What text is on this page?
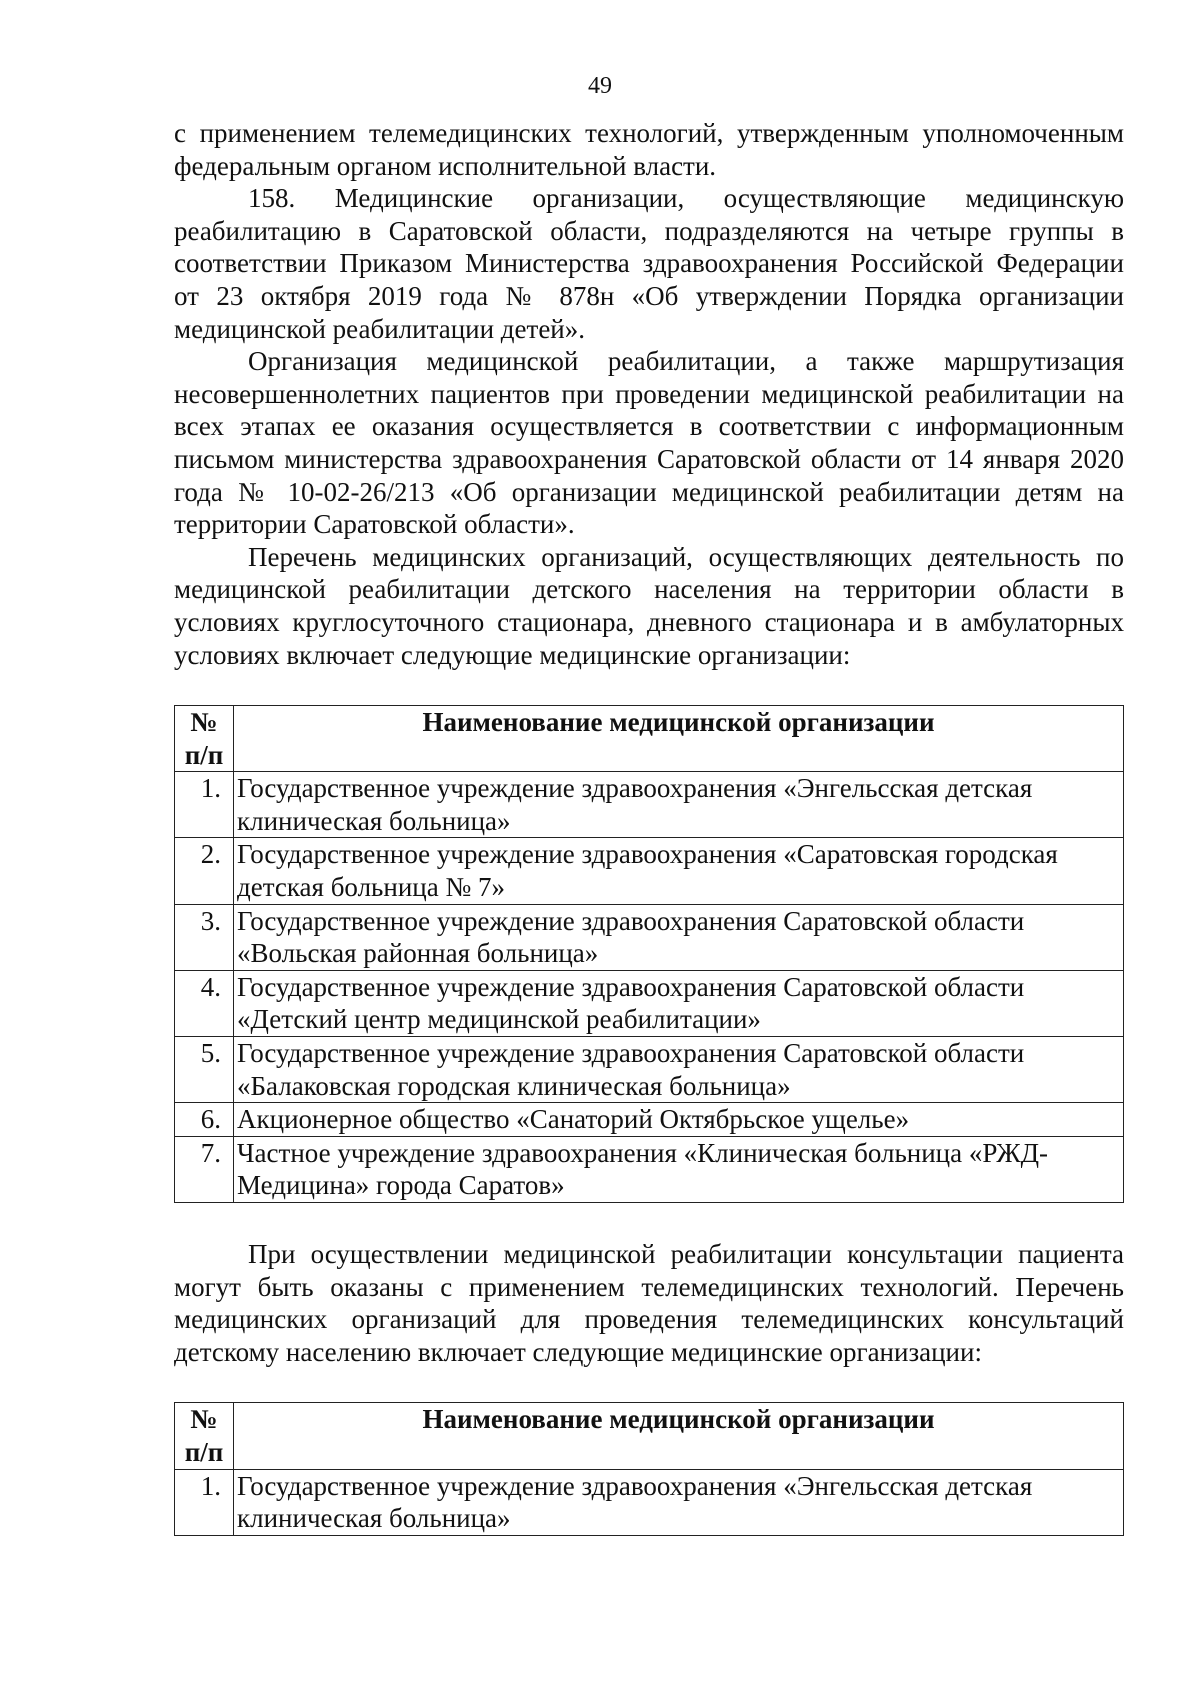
49

с применением телемедицинских технологий, утвержденным уполномоченным федеральным органом исполнительной власти.

158. Медицинские организации, осуществляющие медицинскую реабилитацию в Саратовской области, подразделяются на четыре группы в соответствии Приказом Министерства здравоохранения Российской Федерации от 23 октября 2019 года № 878н «Об утверждении Порядка организации медицинской реабилитации детей».

Организация медицинской реабилитации, а также маршрутизация несовершеннолетних пациентов при проведении медицинской реабилитации на всех этапах ее оказания осуществляется в соответствии с информационным письмом министерства здравоохранения Саратовской области от 14 января 2020 года № 10-02-26/213 «Об организации медицинской реабилитации детям на территории Саратовской области».

Перечень медицинских организаций, осуществляющих деятельность по медицинской реабилитации детского населения на территории области в условиях круглосуточного стационара, дневного стационара и в амбулаторных условиях включает следующие медицинские организации:

№ п/п	Наименование медицинской организации
1.	Государственное учреждение здравоохранения «Энгельсская детская клиническая больница»
2.	Государственное учреждение здравоохранения «Саратовская городская детская больница № 7»
3.	Государственное учреждение здравоохранения Саратовской области «Вольская районная больница»
4.	Государственное учреждение здравоохранения Саратовской области «Детский центр медицинской реабилитации»
5.	Государственное учреждение здравоохранения Саратовской области «Балаковская городская клиническая больница»
6.	Акционерное общество «Санаторий Октябрьское ущелье»
7.	Частное учреждение здравоохранения «Клиническая больница «РЖД-Медицина» города Саратов»

При осуществлении медицинской реабилитации консультации пациента могут быть оказаны с применением телемедицинских технологий. Перечень медицинских организаций для проведения телемедицинских консультаций детскому населению включает следующие медицинские организации:

№ п/п	Наименование медицинской организации
1.	Государственное учреждение здравоохранения «Энгельсская детская клиническая больница»
